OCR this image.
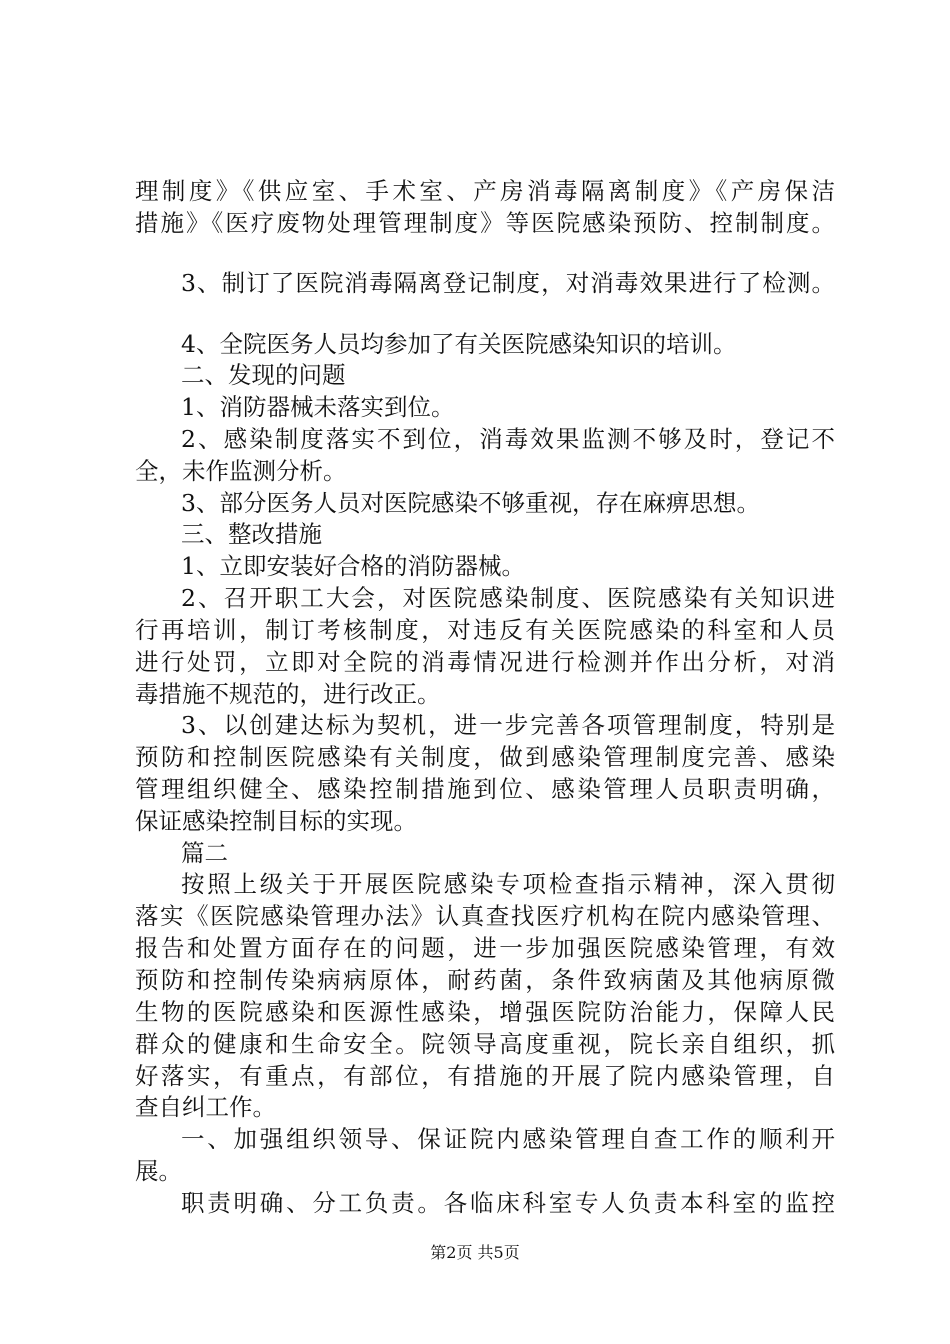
理制度》《供应室、手术室、产房消毒隔离制度》《产房保洁
措施》《医疗废物处理管理制度》等医院感染预防、控制制度。
3、制订了医院消毒隔离登记制度，对消毒效果进行了检测。
4、全院医务人员均参加了有关医院感染知识的培训。
二、发现的问题
1、消防器械未落实到位。
2、感染制度落实不到位，消毒效果监测不够及时，登记不
全，未作监测分析。
3、部分医务人员对医院感染不够重视，存在麻痹思想。
三、整改措施
1、立即安装好合格的消防器械。
2、召开职工大会，对医院感染制度、医院感染有关知识进
行再培训，制订考核制度，对违反有关医院感染的科室和人员
进行处罚，立即对全院的消毒情况进行检测并作出分析，对消
毒措施不规范的，进行改正。
3、以创建达标为契机，进一步完善各项管理制度，特别是
预防和控制医院感染有关制度，做到感染管理制度完善、感染
管理组织健全、感染控制措施到位、感染管理人员职责明确，
保证感染控制目标的实现。
篇二
按照上级关于开展医院感染专项检查指示精神，深入贯彻
落实《医院感染管理办法》认真查找医疗机构在院内感染管理、
报告和处置方面存在的问题，进一步加强医院感染管理，有效
预防和控制传染病病原体，耐药菌，条件致病菌及其他病原微
生物的医院感染和医源性感染，增强医院防治能力，保障人民
群众的健康和生命安全。院领导高度重视，院长亲自组织，抓
好落实，有重点，有部位，有措施的开展了院内感染管理，自
查自纠工作。
一、加强组织领导、保证院内感染管理自查工作的顺利开
展。
职责明确、分工负责。各临床科室专人负责本科室的监控
第2页 共5页
